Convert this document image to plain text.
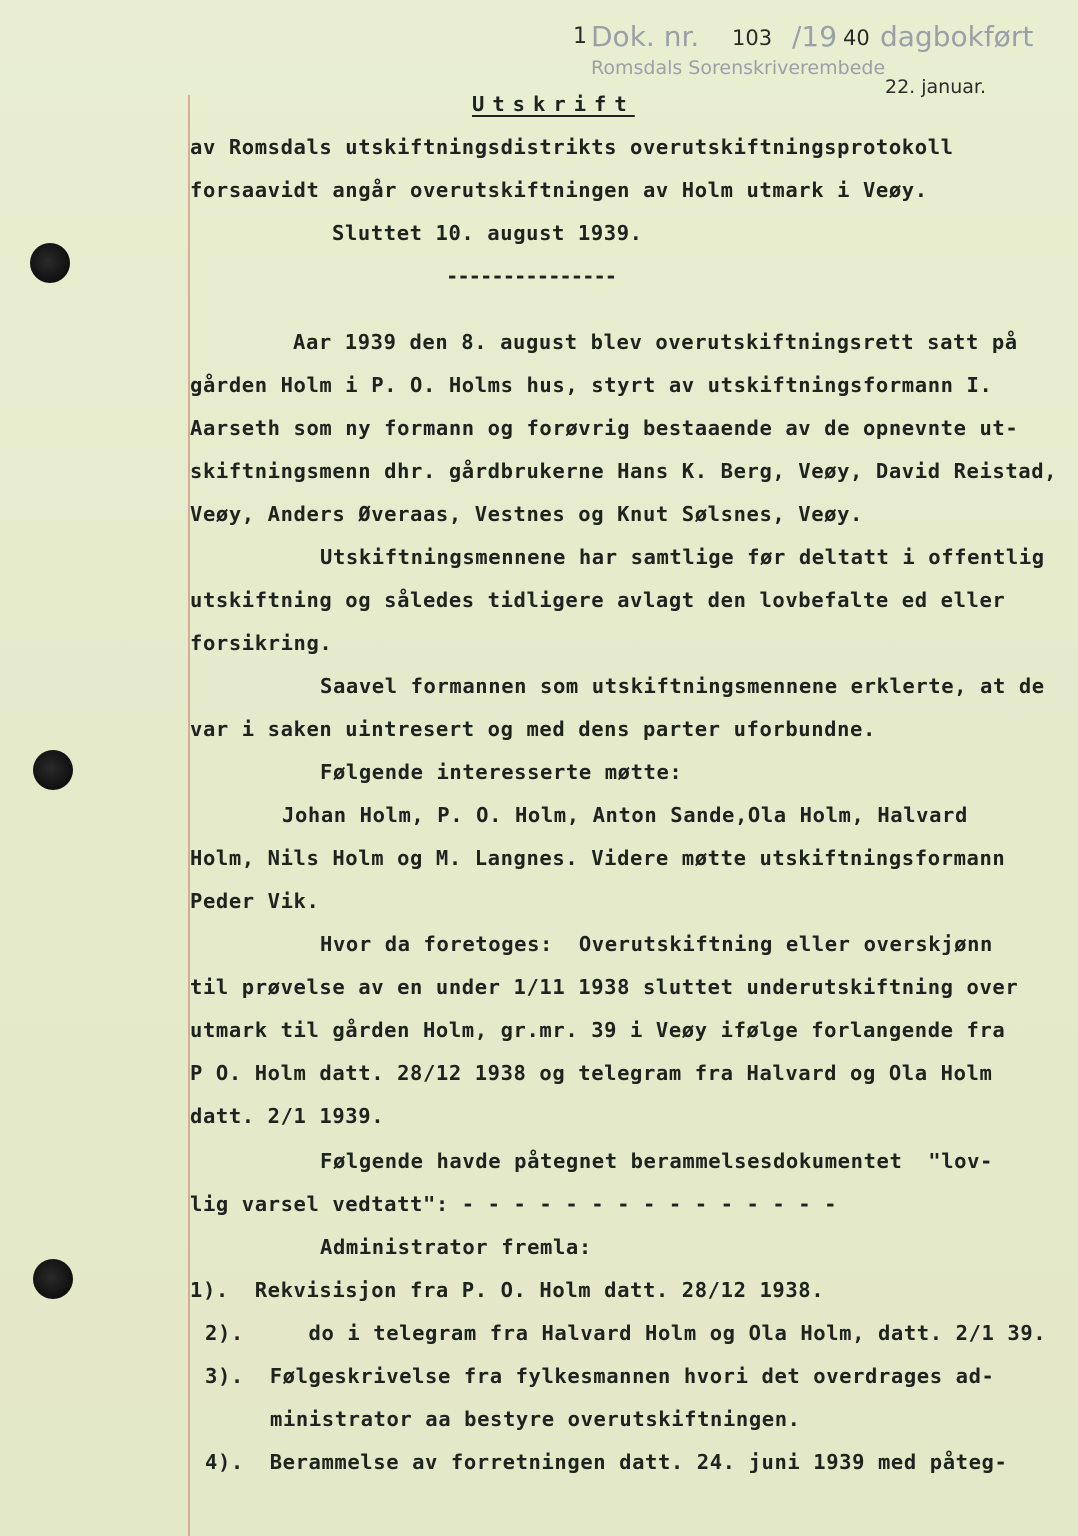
1 Dok. nr. 103 /19 40 dagbokført
Romsdals Sorenskriverembede
22. januar.
Utskrift
av Romsdals utskiftningsdistrikts overutskiftningsprotokoll
forsaavidt angår overutskiftningen av Holm utmark i Veøy.
Sluttet 10. august 1939.
---------------
Aar 1939 den 8. august blev overutskiftningsrett satt på
gården Holm i P. O. Holms hus, styrt av utskiftningsformann I.
Aarseth som ny formann og forøvrig bestaaende av de opnevnte ut-
skiftningsmenn dhr. gårdbrukerne Hans K. Berg, Veøy, David Reistad,
Veøy, Anders Øveraas, Vestnes og Knut Sølsnes, Veøy.
Utskiftningsmennene har samtlige før deltatt i offentlig
utskiftning og således tidligere avlagt den lovbefalte ed eller
forsikring.
Saavel formannen som utskiftningsmennene erklerte, at de
var i saken uintresert og med dens parter uforbundne.
Følgende interesserte møtte:
Johan Holm, P. O. Holm, Anton Sande,Ola Holm, Halvard
Holm, Nils Holm og M. Langnes. Videre møtte utskiftningsformann
Peder Vik.
Hvor da foretoges:  Overutskiftning eller overskjønn
til prøvelse av en under 1/11 1938 sluttet underutskiftning over
utmark til gården Holm, gr.mr. 39 i Veøy ifølge forlangende fra
P O. Holm datt. 28/12 1938 og telegram fra Halvard og Ola Holm
datt. 2/1 1939.
Følgende havde påtegnet berammelsesdokumentet  "lov-
lig varsel vedtatt": - - - - - - - - - - - - - - -
Administrator fremla:
1).  Rekvisisjon fra P. O. Holm datt. 28/12 1938.
2).     do i telegram fra Halvard Holm og Ola Holm, datt. 2/1 39.
3).  Følgeskrivelse fra fylkesmannen hvori det overdrages ad-
ministrator aa bestyre overutskiftningen.
4).  Berammelse av forretningen datt. 24. juni 1939 med påteg-
